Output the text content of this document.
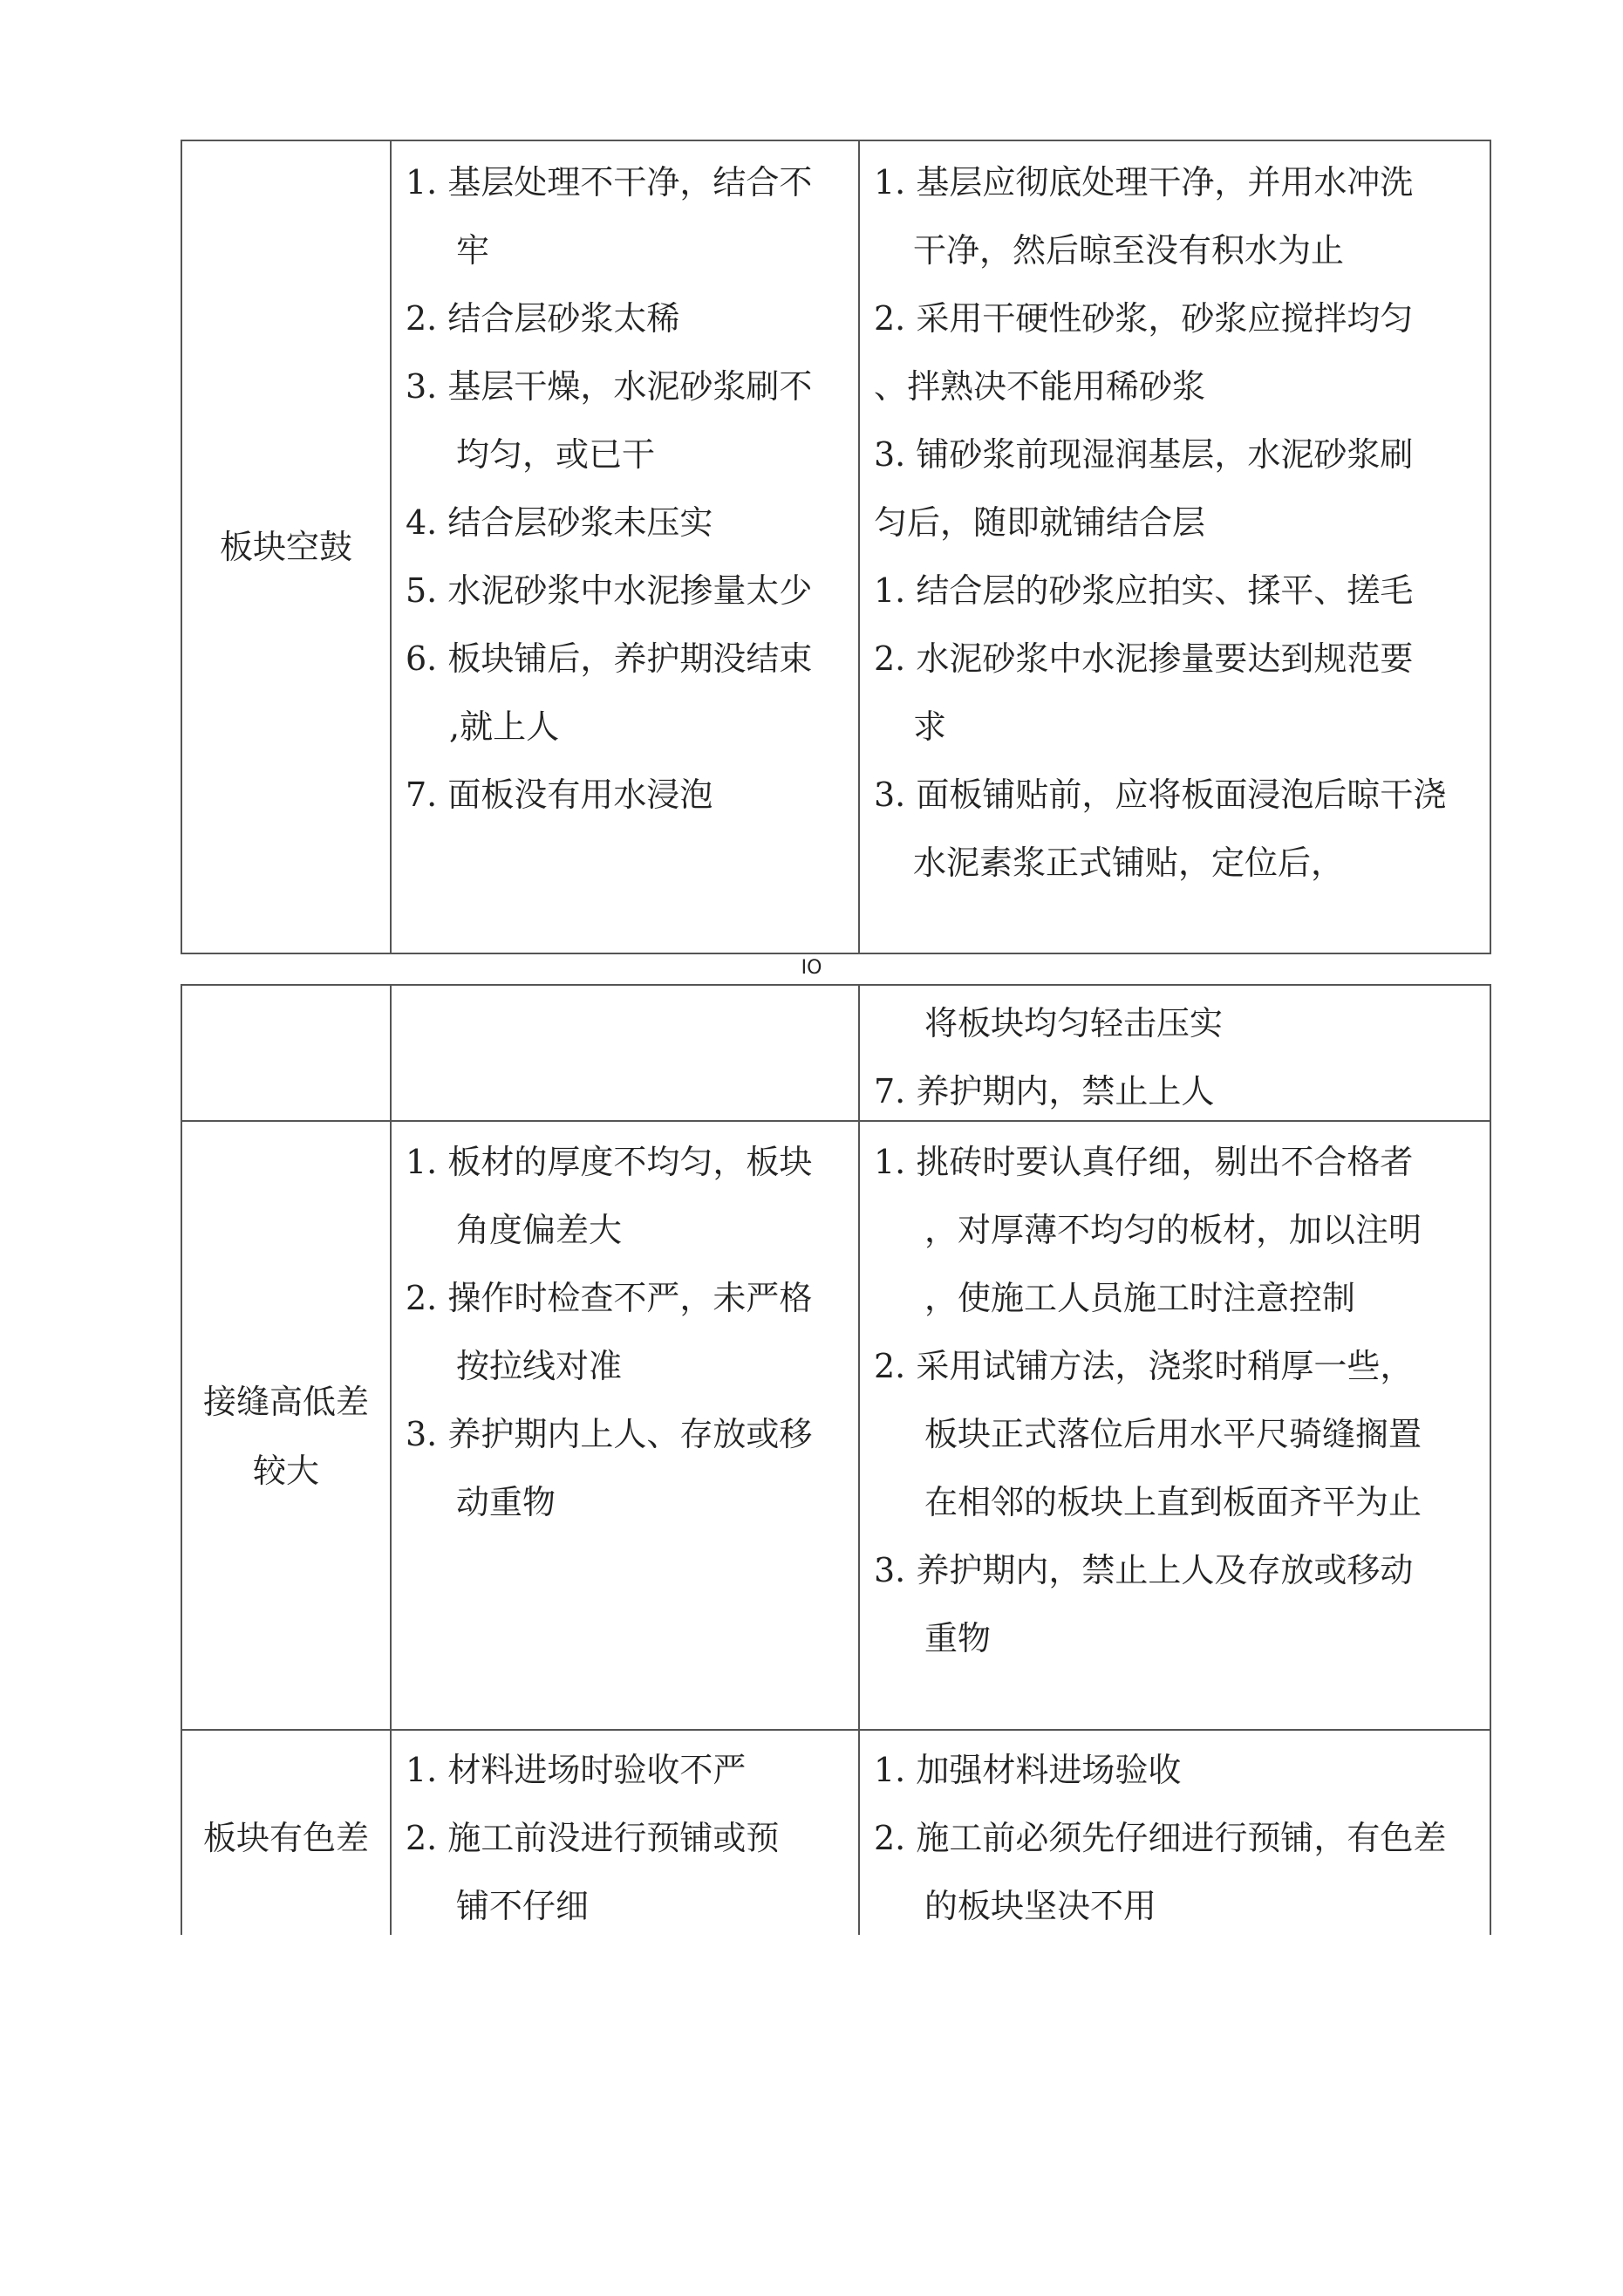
板块空鼓
1. 基层处理不干净，结合不
牢
2. 结合层砂浆太稀
3. 基层干燥，水泥砂浆刷不
均匀，或已干
4. 结合层砂浆未压实
5. 水泥砂浆中水泥掺量太少
6. 板块铺后，养护期没结束
,就上人
7. 面板没有用水浸泡
1. 基层应彻底处理干净，并用水冲洗
干净，然后晾至没有积水为止
2. 采用干硬性砂浆，砂浆应搅拌均匀
、拌熟决不能用稀砂浆
3. 铺砂浆前现湿润基层，水泥砂浆刷
匀后，随即就铺结合层
1. 结合层的砂浆应拍实、揉平、搓毛
2. 水泥砂浆中水泥掺量要达到规范要
求
3. 面板铺贴前，应将板面浸泡后晾干浇
水泥素浆正式铺贴，定位后，
IO
将板块均匀轻击压实
7. 养护期内，禁止上人
接缝高低差
较大
1. 板材的厚度不均匀，板块
角度偏差大
2. 操作时检查不严，未严格
按拉线对准
3. 养护期内上人、存放或移
动重物
1. 挑砖时要认真仔细，剔出不合格者
，对厚薄不均匀的板材，加以注明
，使施工人员施工时注意控制
2. 采用试铺方法，浇浆时稍厚一些，
板块正式落位后用水平尺骑缝搁置
在相邻的板块上直到板面齐平为止
3. 养护期内，禁止上人及存放或移动
重物
板块有色差
1. 材料进场时验收不严
2. 施工前没进行预铺或预
铺不仔细
1. 加强材料进场验收
2. 施工前必须先仔细进行预铺，有色差
的板块坚决不用
